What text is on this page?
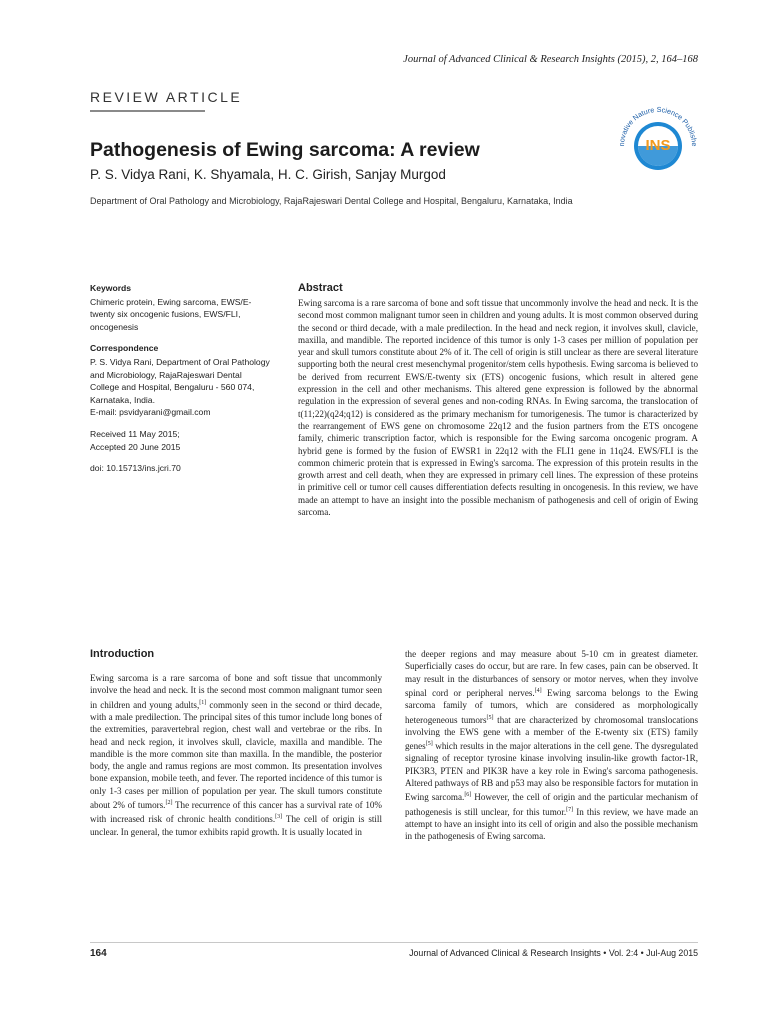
Journal of Advanced Clinical & Research Insights (2015), 2, 164–168
REVIEW ARTICLE
INS
novative Nature Science Publishe
Pathogenesis of Ewing sarcoma: A review
P. S. Vidya Rani, K. Shyamala, H. C. Girish, Sanjay Murgod
Department of Oral Pathology and Microbiology, RajaRajeswari Dental College and Hospital, Bengaluru, Karnataka, India
Keywords
Chimeric protein, Ewing sarcoma, EWS/E-twenty six oncogenic fusions, EWS/FLI, oncogenesis
Correspondence
P. S. Vidya Rani, Department of Oral Pathology and Microbiology, RajaRajeswari Dental College and Hospital, Bengaluru - 560 074, Karnataka, India.
E-mail: psvidyarani@gmail.com
Received 11 May 2015;
Accepted 20 June 2015
doi: 10.15713/ins.jcri.70
Abstract
Ewing sarcoma is a rare sarcoma of bone and soft tissue that uncommonly involve the head and neck. It is the second most common malignant tumor seen in children and young adults. It is most common observed during the second or third decade, with a male predilection. In the head and neck region, it involves skull, clavicle, maxilla, and mandible. The reported incidence of this tumor is only 1-3 cases per million of population per year and skull tumors constitute about 2% of it. The cell of origin is still unclear as there are several literature supporting both the neural crest mesenchymal progenitor/stem cells hypothesis. Ewing sarcoma is believed to be derived from recurrent EWS/E-twenty six (ETS) oncogenic fusions, which result in altered gene expression in the cell and other mechanisms. This altered gene expression is followed by the abnormal regulation in the expression of several genes and non-coding RNAs. In Ewing sarcoma, the translocation of t(11;22)(q24;q12) is considered as the primary mechanism for tumorigenesis. The tumor is characterized by the rearrangement of EWS gene on chromosome 22q12 and the fusion partners from the ETS oncogene family, chimeric transcription factor, which is responsible for the Ewing sarcoma oncogenic program. A hybrid gene is formed by the fusion of EWSR1 in 22q12 with the FLI1 gene in 11q24. EWS/FLI is the common chimeric protein that is expressed in Ewing's sarcoma. The expression of this protein results in the growth arrest and cell death, when they are expressed in primary cell lines. The expression of these proteins in primitive cell or tumor cell causes differentiation defects resulting in oncogenesis. In this review, we have made an attempt to have an insight into the possible mechanism of pathogenesis and cell of origin of Ewing sarcoma.
Introduction
Ewing sarcoma is a rare sarcoma of bone and soft tissue that uncommonly involve the head and neck. It is the second most common malignant tumor seen in children and young adults,[1] commonly seen in the second or third decade, with a male predilection. The principal sites of this tumor include long bones of the extremities, paravertebral region, chest wall and vertebrae or the ribs. In head and neck region, it involves skull, clavicle, maxilla and mandible. The mandible is the more common site than maxilla. In the mandible, the posterior body, the angle and ramus regions are most common. Its presentation involves bone expansion, mobile teeth, and fever. The reported incidence of this tumor is only 1-3 cases per million of population per year. The skull tumors constitute about 2% of tumors.[2] The recurrence of this cancer has a survival rate of 10% with increased risk of chronic health conditions.[3] The cell of origin is still unclear. In general, the tumor exhibits rapid growth. It is usually located in
the deeper regions and may measure about 5-10 cm in greatest diameter. Superficially cases do occur, but are rare. In few cases, pain can be observed. It may result in the disturbances of sensory or motor nerves, when they involve spinal cord or peripheral nerves.[4] Ewing sarcoma belongs to the Ewing sarcoma family of tumors, which are considered as morphologically heterogeneous tumors[5] that are characterized by chromosomal translocations involving the EWS gene with a member of the E-twenty six (ETS) family genes[5] which results in the major alterations in the cell gene. The dysregulated signaling of receptor tyrosine kinase involving insulin-like growth factor-1R, PIK3R3, PTEN and PIK3R have a key role in Ewing's sarcoma pathogenesis. Altered pathways of RB and p53 may also be responsible factors for mutation in Ewing sarcoma.[6] However, the cell of origin and the particular mechanism of pathogenesis is still unclear, for this tumor.[7] In this review, we have made an attempt to have an insight into its cell of origin and also the possible mechanism in the pathogenesis of Ewing sarcoma.
164	Journal of Advanced Clinical & Research Insights • Vol. 2:4 • Jul-Aug 2015
